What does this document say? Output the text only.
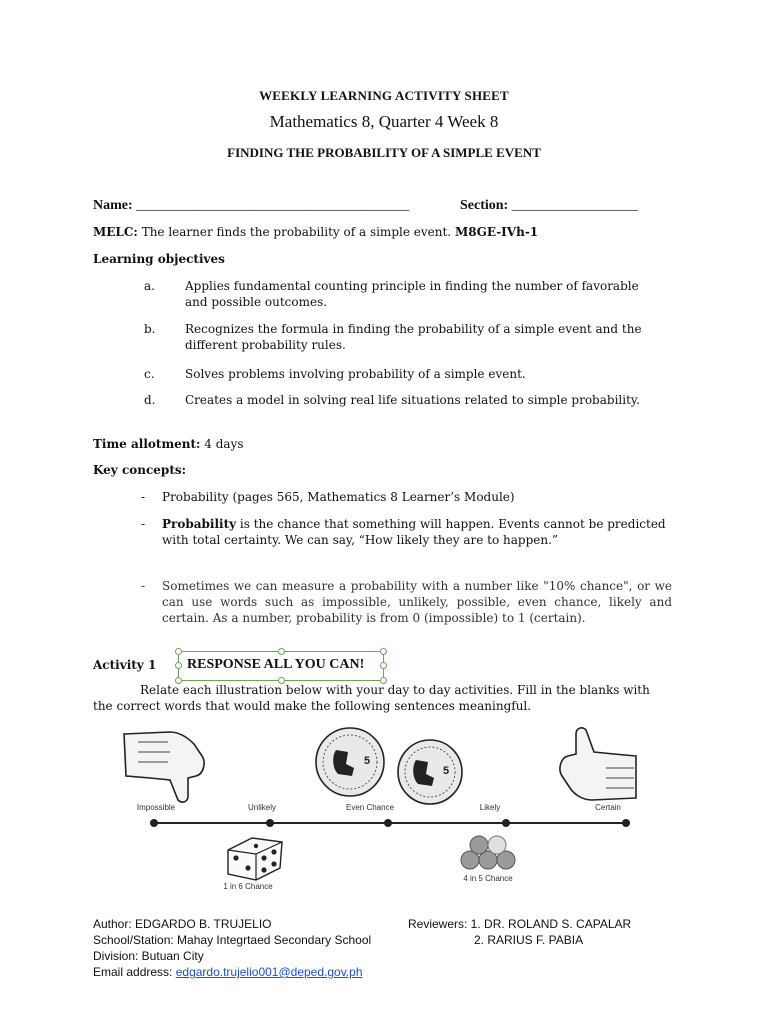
WEEKLY LEARNING ACTIVITY SHEET
Mathematics 8, Quarter 4 Week 8
FINDING THE PROBABILITY OF A SIMPLE EVENT
Name: _______________________________________	Section: __________________
MELC: The learner finds the probability of a simple event. M8GE-IVh-1
Learning objectives
a.	Applies fundamental counting principle in finding the number of favorable and possible outcomes.
b. Recognizes the formula in finding the probability of a simple event and the different probability rules.
c.	Solves problems involving probability of a simple event.
d. Creates a model in solving real life situations related to simple probability.
Time allotment: 4 days
Key concepts:
- Probability (pages 565, Mathematics 8 Learner’s Module)
- Probability is the chance that something will happen. Events cannot be predicted with total certainty. We can say, “How likely they are to happen.”
- Sometimes we can measure a probability with a number like "10% chance", or we can use words such as impossible, unlikely, possible, even chance, likely and certain. As a number, probability is from 0 (impossible) to 1 (certain).
Activity 1 RESPONSE ALL YOU CAN!
Relate each illustration below with your day to day activities. Fill in the blanks with the correct words that would make the following sentences meaningful.
5
5
Impossible	Unlikely	Even Chance	Likely	Certain
1 in 6 Chance
4 in 5 Chance
Author: EDGARDO B. TRUJELIO
School/Station: Mahay Integrtaed Secondary School
Division: Butuan City
Email address: edgardo.trujelio001@deped.gov.ph
Reviewers: 1. DR. ROLAND S. CAPALAR
2. RARIUS F. PABIA
